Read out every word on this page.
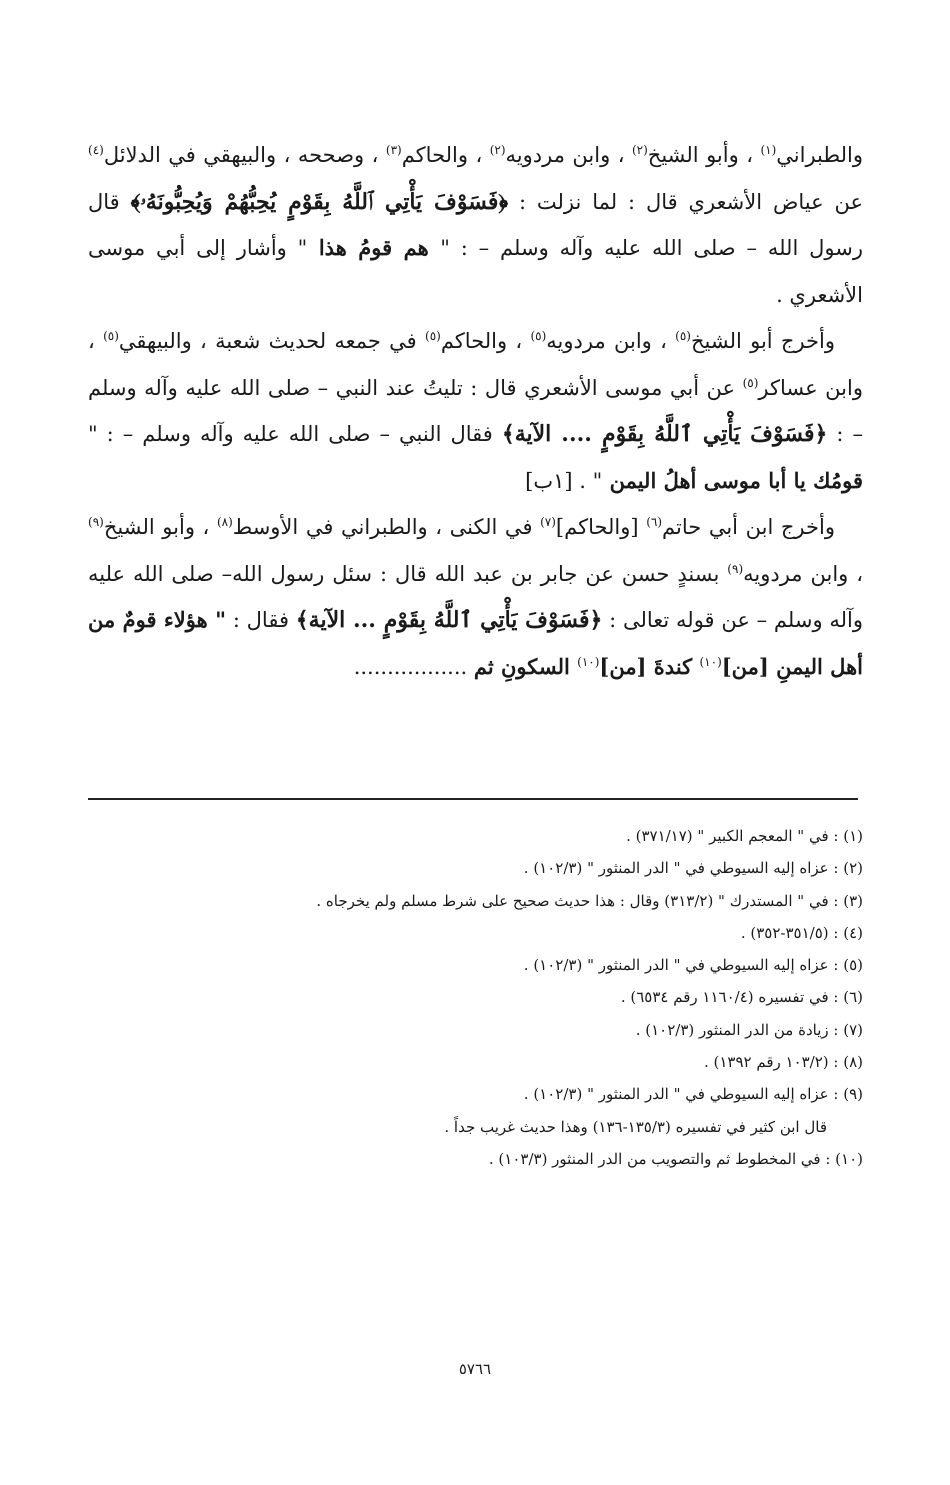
والطبراني$^{(١)}$ ، وأبو الشيخ$^{(٢)}$ ، وابن مردويه$^{(٢)}$ ، والحاكم$^{(٣)}$ ، وصححه ، والبيهقي في الدلائل$^{(٤)}$ عن عياض الأشعري قال : لما نزلت : ﴿فَسَوْفَ يَأْتِي ٱللَّهُ بِقَوْمٍ يُحِبُّهُمْ وَيُحِبُّونَهُۥ﴾ قال رسول الله – صلى الله عليه وآله وسلم – : " هم قومُ هذا " وأشار إلى أبي موسى الأشعري .

وأخرج أبو الشيخ$^{(٥)}$ ، وابن مردويه$^{(٥)}$ ، والحاكم$^{(٥)}$ في جمعه لحديث شعبة ، والبيهقي$^{(٥)}$ ، وابن عساكر$^{(٥)}$ عن أبي موسى الأشعري قال : تليتُ عند النبي – صلى الله عليه وآله وسلم – : ﴿فَسَوْفَ يَأْتِي ٱللَّهُ بِقَوْمٍ .... الآية﴾ فقال النبي – صلى الله عليه وآله وسلم – : " قومُك يا أبا موسى أهلُ اليمن " . [١ب]

وأخرج ابن أبي حاتم$^{(٦)}$ [والحاكم]$^{(٧)}$ في الكنى ، والطبراني في الأوسط$^{(٨)}$ ، وأبو الشيخ$^{(٩)}$ ، وابن مردويه$^{(٩)}$ بسندٍ حسن عن جابر بن عبد الله قال : سئل رسول الله– صلى الله عليه وآله وسلم – عن قوله تعالى : ﴿فَسَوْفَ يَأْتِي ٱللَّهُ بِقَوْمٍ ... الآية﴾ فقال : " هؤلاء قومٌ من أهل اليمنِ [من]$^{(١٠)}$ كندةَ [من]$^{(١٠)}$ السكونِ ثم .................

(١) : في " المعجم الكبير " (٣٧١/١٧) .

(٢) : عزاه إليه السيوطي في " الدر المنثور " (١٠٢/٣) .

(٣) : في " المستدرك " (٣١٣/٢) وقال : هذا حديث صحيح على شرط مسلم ولم يخرجاه .

(٤) : (٣٥١/٥-٣٥٢) .

(٥) : عزاه إليه السيوطي في " الدر المنثور " (١٠٢/٣) .

(٦) : في تفسيره (١١٦٠/٤ رقم ٦٥٣٤) .

(٧) : زيادة من الدر المنثور (١٠٢/٣) .

(٨) : (١٠٣/٢ رقم ١٣٩٢) .

(٩) : عزاه إليه السيوطي في " الدر المنثور " (١٠٢/٣) .

قال ابن كثير في تفسيره (١٣٥/٣-١٣٦) وهذا حديث غريب جداً .

(١٠) : في المخطوط ثم والتصويب من الدر المنثور (١٠٣/٣) .

٥٧٦٦
